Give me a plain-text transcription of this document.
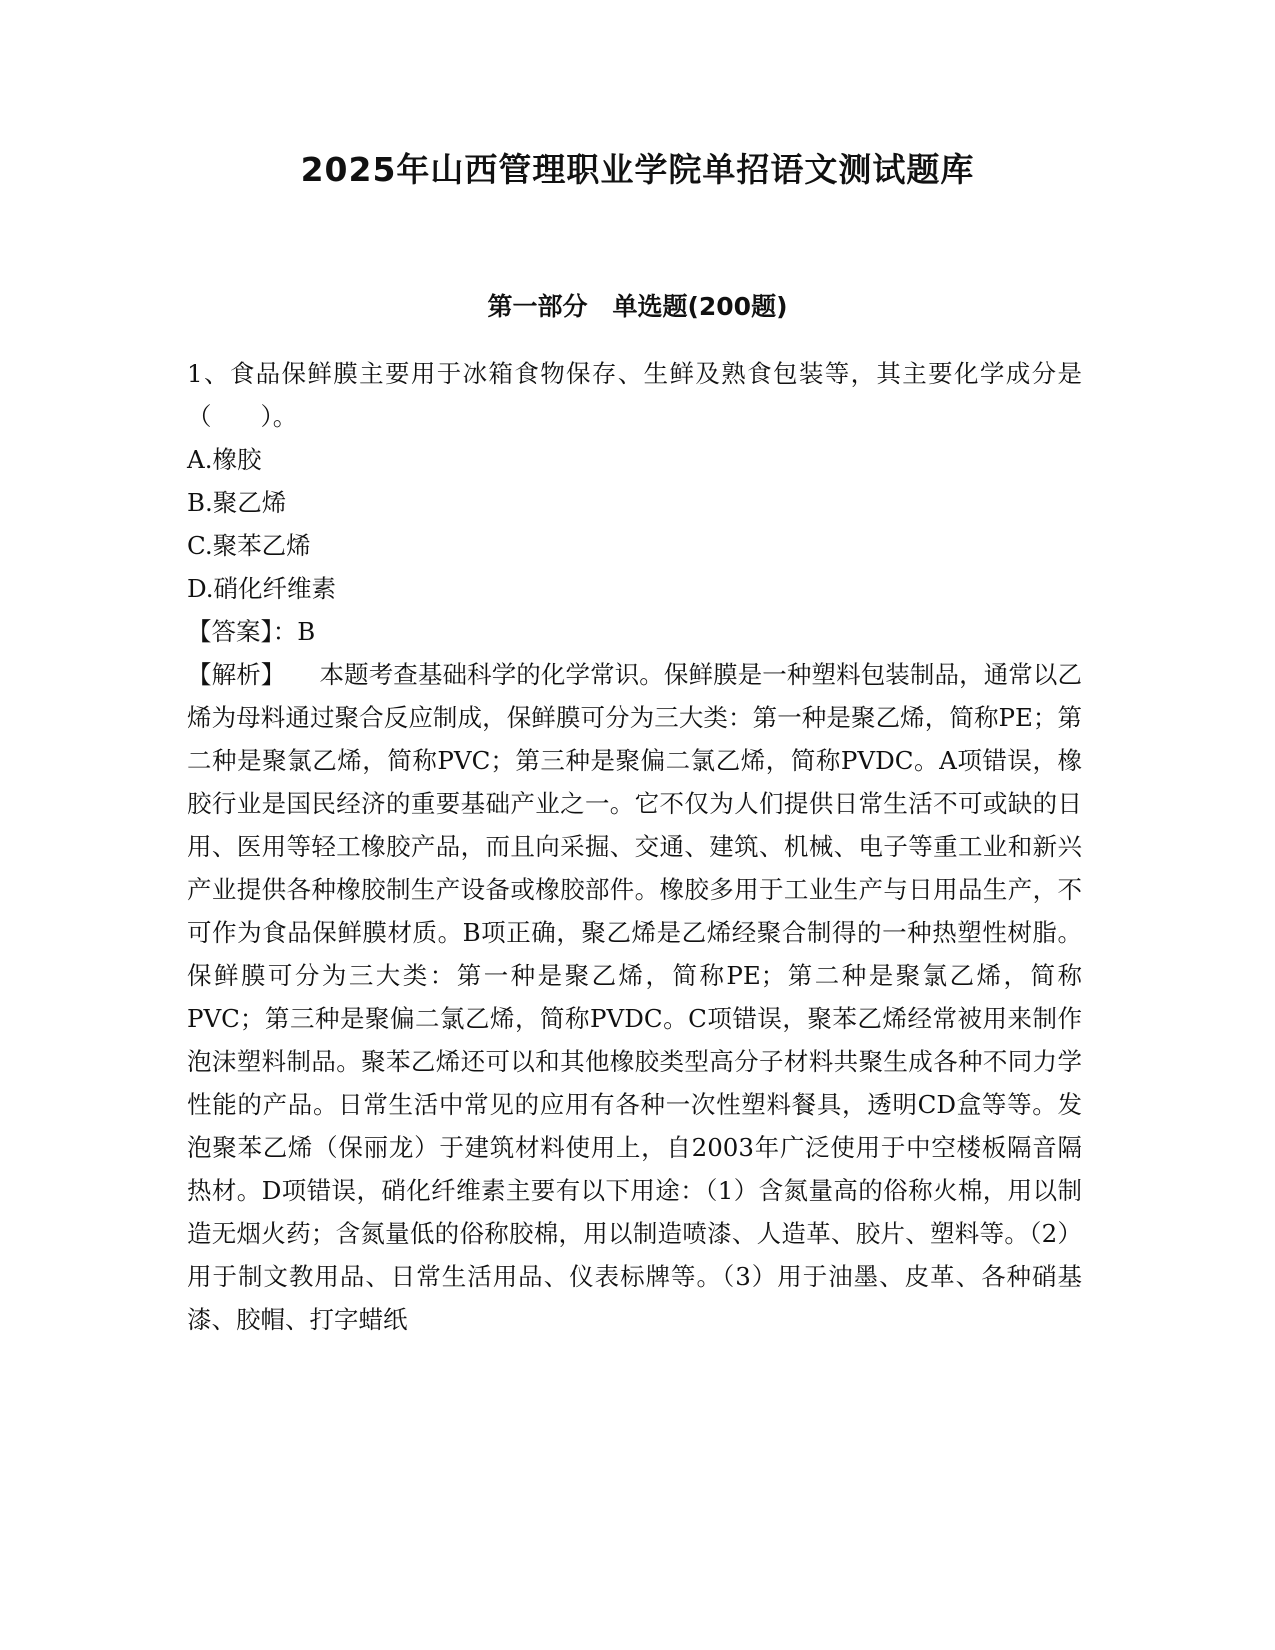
2025年山西管理职业学院单招语文测试题库
第一部分　单选题(200题)

1、食品保鲜膜主要用于冰箱食物保存、生鲜及熟食包装等，其主要化学成分是（　　）。

A.橡胶

B.聚乙烯

C.聚苯乙烯

D.硝化纤维素

【答案】：B

【解析】 本题考查基础科学的化学常识。保鲜膜是一种塑料包装制品，通常以乙烯为母料通过聚合反应制成，保鲜膜可分为三大类：第一种是聚乙烯，简称PE；第二种是聚氯乙烯，简称PVC；第三种是聚偏二氯乙烯，简称PVDC。A项错误，橡胶行业是国民经济的重要基础产业之一。它不仅为人们提供日常生活不可或缺的日用、医用等轻工橡胶产品，而且向采掘、交通、建筑、机械、电子等重工业和新兴产业提供各种橡胶制生产设备或橡胶部件。橡胶多用于工业生产与日用品生产，不可作为食品保鲜膜材质。B项正确，聚乙烯是乙烯经聚合制得的一种热塑性树脂。保鲜膜可分为三大类：第一种是聚乙烯，简称PE；第二种是聚氯乙烯，简称PVC；第三种是聚偏二氯乙烯，简称PVDC。C项错误，聚苯乙烯经常被用来制作泡沫塑料制品。聚苯乙烯还可以和其他橡胶类型高分子材料共聚生成各种不同力学性能的产品。日常生活中常见的应用有各种一次性塑料餐具，透明CD盒等等。发泡聚苯乙烯（保丽龙）于建筑材料使用上，自2003年广泛使用于中空楼板隔音隔热材。D项错误，硝化纤维素主要有以下用途：（1）含氮量高的俗称火棉，用以制造无烟火药；含氮量低的俗称胶棉，用以制造喷漆、人造革、胶片、塑料等。（2）用于制文教用品、日常生活用品、仪表标牌等。（3）用于油墨、皮革、各种硝基漆、胶帽、打字蜡纸
